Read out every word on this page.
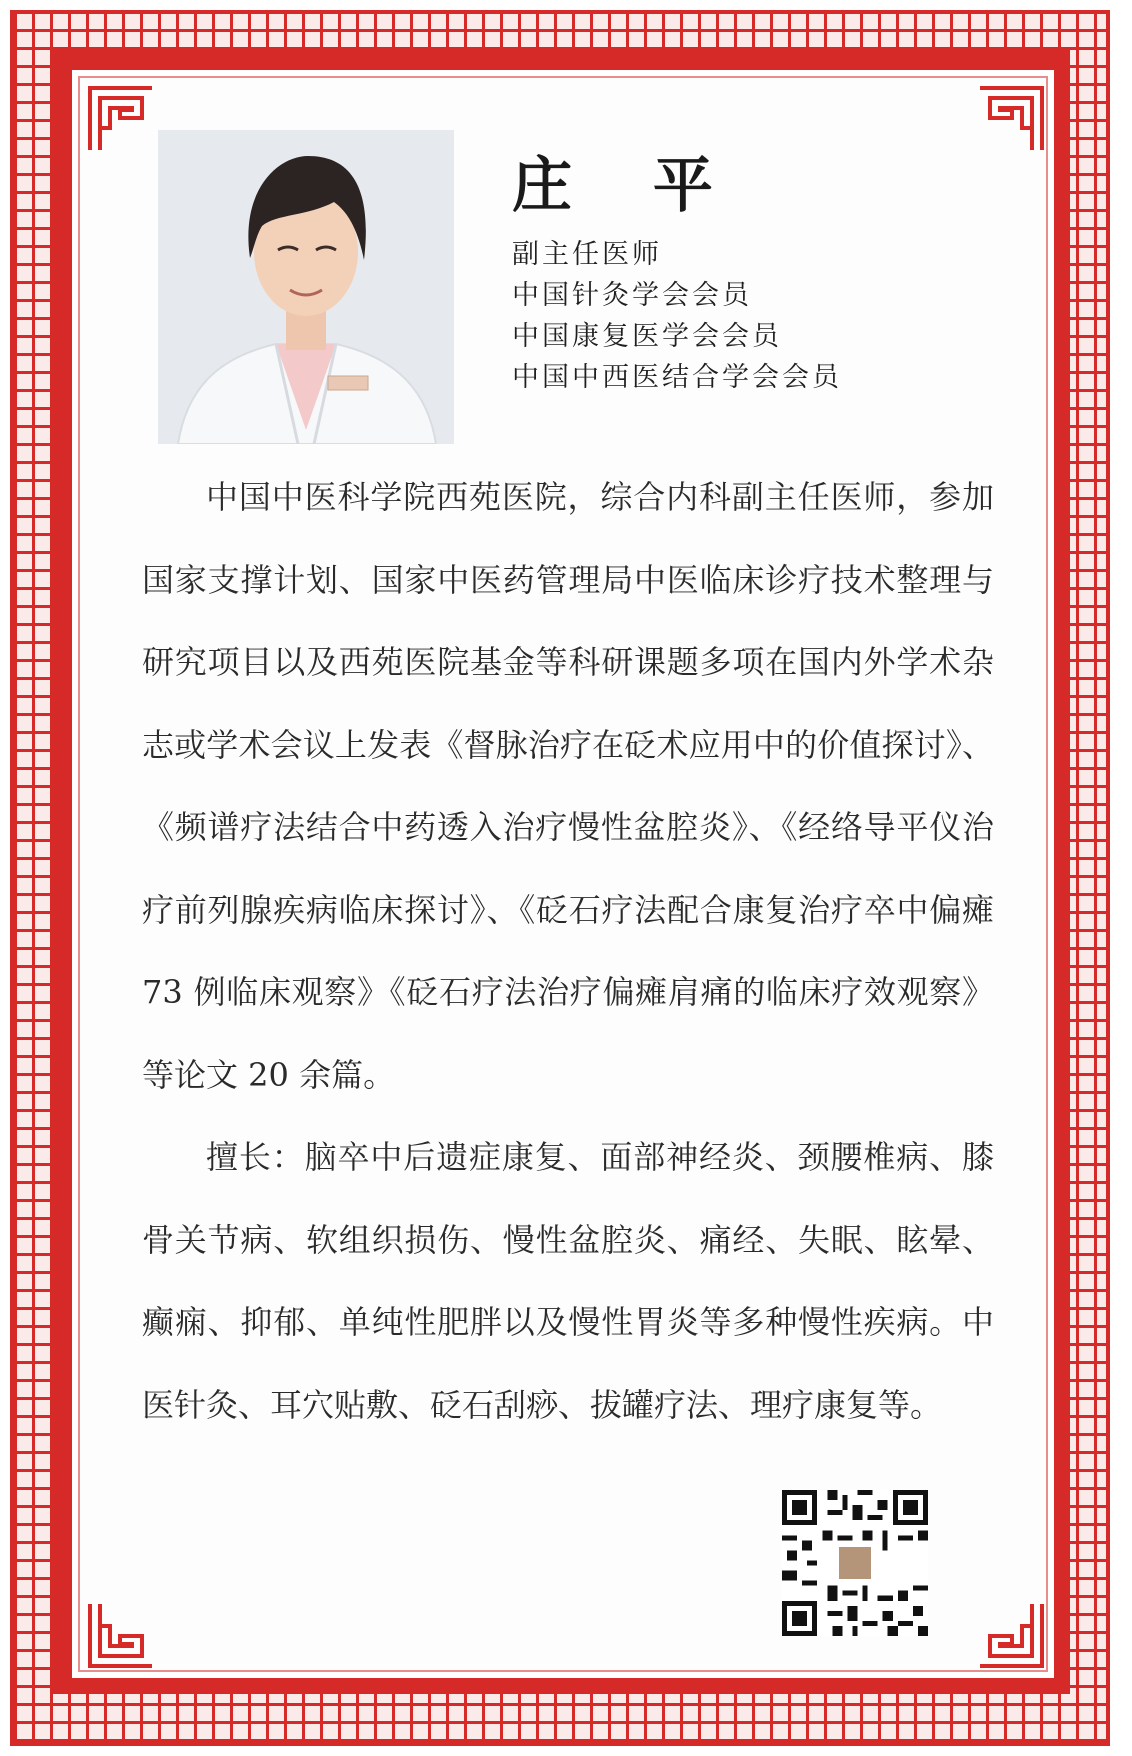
庄 平
副主任医师
中国针灸学会会员
中国康复医学会会员
中国中西医结合学会会员

中国中医科学院西苑医院，综合内科副主任医师，参加国家支撑计划、国家中医药管理局中医临床诊疗技术整理与研究项目以及西苑医院基金等科研课题多项在国内外学术杂志或学术会议上发表《督脉治疗在砭术应用中的价值探讨》、《频谱疗法结合中药透入治疗慢性盆腔炎》、《经络导平仪治疗前列腺疾病临床探讨》、《砭石疗法配合康复治疗卒中偏瘫 73 例临床观察》《砭石疗法治疗偏瘫肩痛的临床疗效观察》等论文 20 余篇。

擅长：脑卒中后遗症康复、面部神经炎、颈腰椎病、膝骨关节病、软组织损伤、慢性盆腔炎、痛经、失眠、眩晕、癫痫、抑郁、单纯性肥胖以及慢性胃炎等多种慢性疾病。中医针灸、耳穴贴敷、砭石刮痧、拔罐疗法、理疗康复等。
